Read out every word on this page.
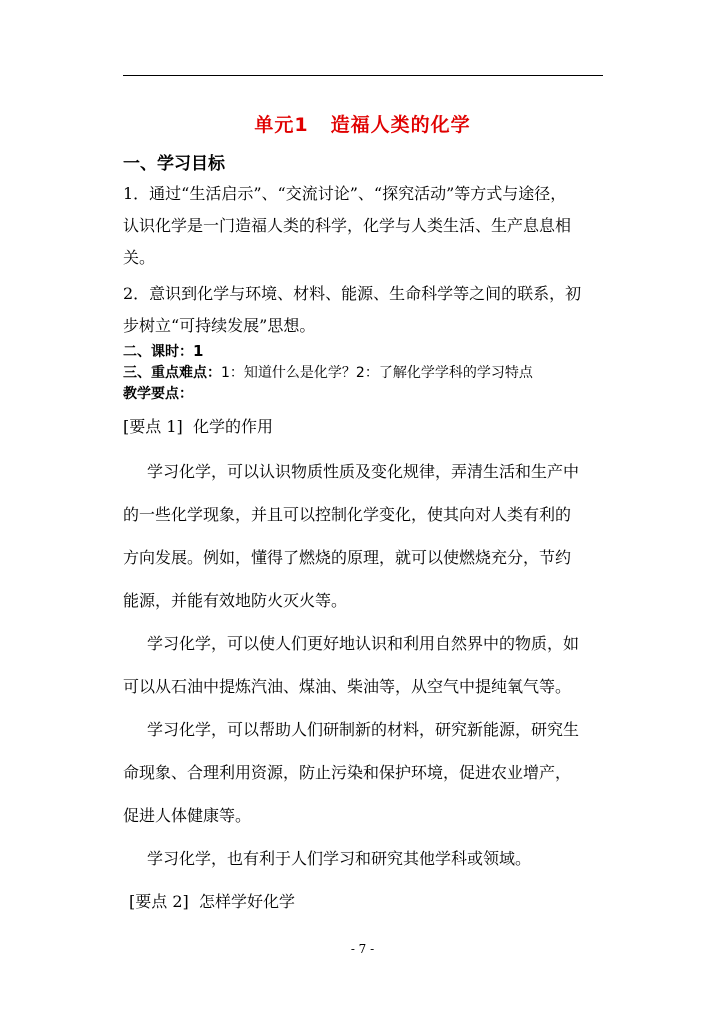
单元1 造福人类的化学
一、学习目标
1．通过“生活启示”、“交流讨论”、“探究活动”等方式与途径，
认识化学是一门造福人类的科学，化学与人类生活、生产息息相
关。
2．意识到化学与环境、材料、能源、生命科学等之间的联系，初
步树立“可持续发展”思想。
二、课时：1
三、重点难点：1：知道什么是化学？2：了解化学学科的学习特点
教学要点：
[要点 1] 化学的作用
学习化学，可以认识物质性质及变化规律，弄清生活和生产中
的一些化学现象，并且可以控制化学变化，使其向对人类有利的
方向发展。例如，懂得了燃烧的原理，就可以使燃烧充分，节约
能源，并能有效地防火灭火等。
学习化学，可以使人们更好地认识和利用自然界中的物质，如
可以从石油中提炼汽油、煤油、柴油等，从空气中提纯氧气等。
学习化学，可以帮助人们研制新的材料，研究新能源，研究生
命现象、合理利用资源，防止污染和保护环境，促进农业增产，
促进人体健康等。
学习化学，也有利于人们学习和研究其他学科或领域。
[要点 2] 怎样学好化学
- 7 -
